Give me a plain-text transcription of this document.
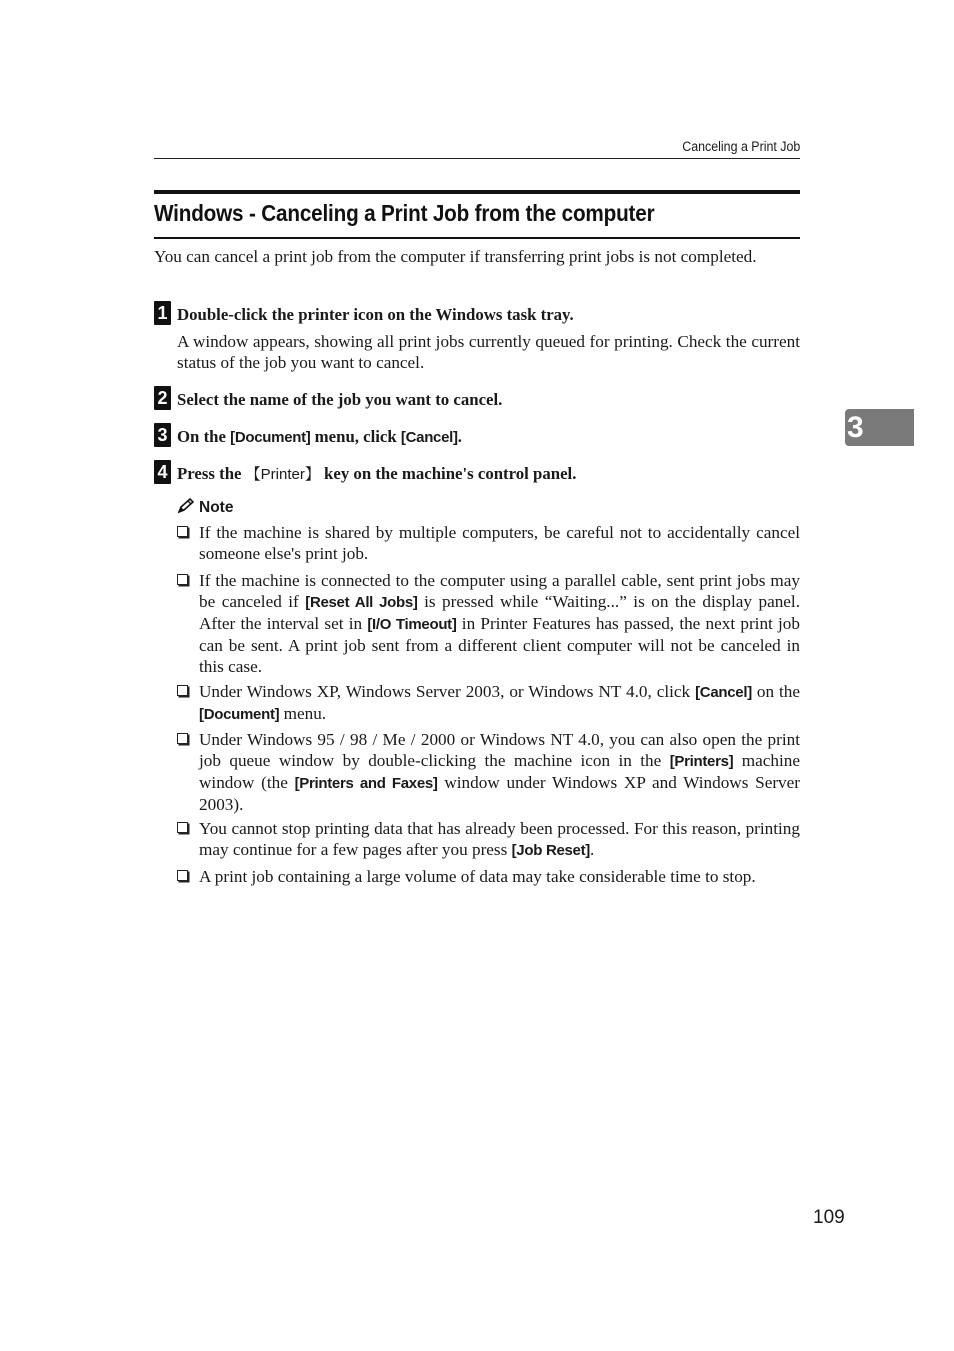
Canceling a Print Job
Windows - Canceling a Print Job from the computer

You can cancel a print job from the computer if transferring print jobs is not completed.

1 Double-click the printer icon on the Windows task tray.

A window appears, showing all print jobs currently queued for printing. Check the current status of the job you want to cancel.

2 Select the name of the job you want to cancel.
3 On the [Document] menu, click [Cancel].
4 Press the 【Printer】 key on the machine's control panel.
Note
If the machine is shared by multiple computers, be careful not to accidentally cancel someone else's print job.
If the machine is connected to the computer using a parallel cable, sent print jobs may be canceled if [Reset All Jobs] is pressed while “Waiting...” is on the display panel. After the interval set in [I/O Timeout] in Printer Features has passed, the next print job can be sent. A print job sent from a different client computer will not be canceled in this case.
Under Windows XP, Windows Server 2003, or Windows NT 4.0, click [Cancel] on the [Document] menu.
Under Windows 95 / 98 / Me / 2000 or Windows NT 4.0, you can also open the print job queue window by double-clicking the machine icon in the [Printers] machine window (the [Printers and Faxes] window under Windows XP and Windows Server 2003).
You cannot stop printing data that has already been processed. For this reason, printing may continue for a few pages after you press [Job Reset].
A print job containing a large volume of data may take considerable time to stop.
3
109
